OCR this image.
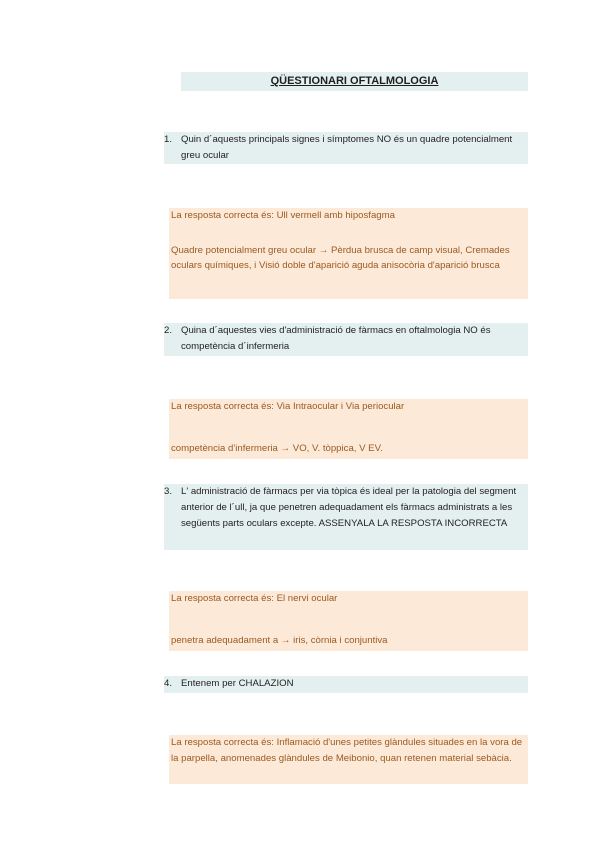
QÜESTIONARI OFTALMOLOGIA
1. Quin d´aquests principals signes i símptomes NO és un quadre potencialment greu ocular

La resposta correcta és: Ull vermell amb hiposfagma

Quadre potencialment greu ocular → Pèrdua brusca de camp visual, Cremades oculars químiques, i Visió doble d'aparició aguda anisocòria d'aparició brusca

2. Quina d´aquestes vies d'administració de fàrmacs en oftalmologia NO és competència d´infermeria

La resposta correcta és: Via Intraocular i Via periocular

competència d'infermeria → VO, V. tòppica, V EV.

3. L' administració de fàrmacs per via tòpica és ideal per la patologia del segment anterior de l´ull, ja que penetren adequadament els fàrmacs administrats a les següents parts oculars excepte. ASSENYALA LA RESPOSTA INCORRECTA

La resposta correcta és: El nervi ocular

penetra adequadament a → iris, còrnia i conjuntiva

4. Entenem per CHALAZION

La resposta correcta és: Inflamació d'unes petites glàndules situades en la vora de la parpella, anomenades glàndules de Meibonio, quan retenen material sebàcia.
